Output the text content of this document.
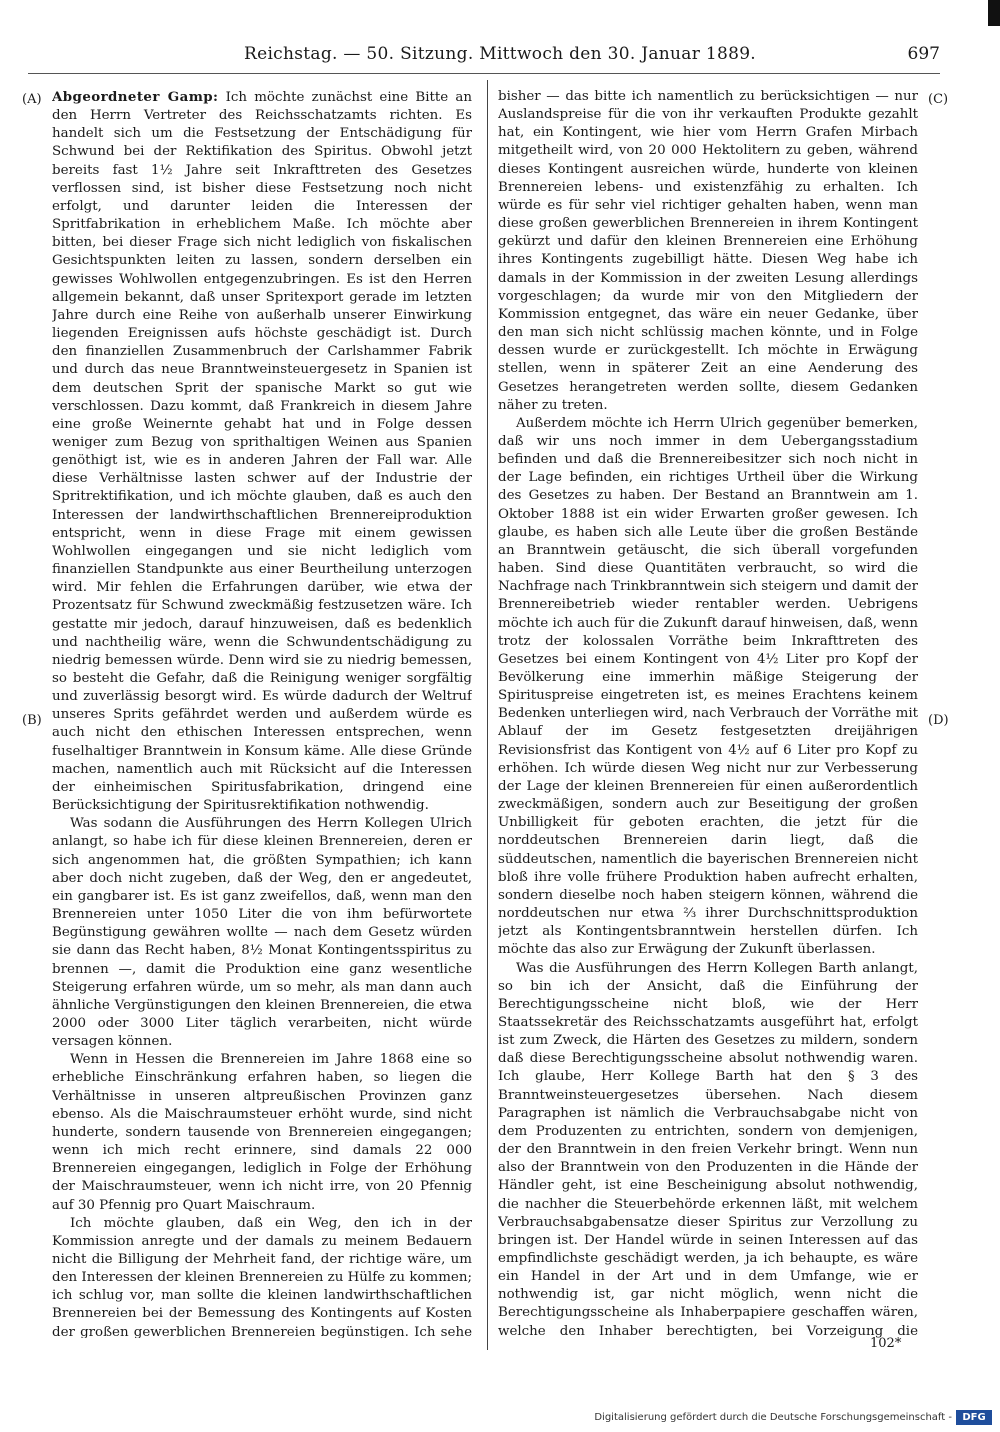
Reichstag. — 50. Sitzung. Mittwoch den 30. Januar 1889.	697
(A)
(B)
(C)
(D)

Abgeordneter Gamp: Ich möchte zunächst eine Bitte an den Herrn Vertreter des Reichsschatzamts richten. Es handelt sich um die Festsetzung der Entschädigung für Schwund bei der Rektifikation des Spiritus. Obwohl jetzt bereits fast 1½ Jahre seit Inkrafttreten des Gesetzes verflossen sind, ist bisher diese Festsetzung noch nicht erfolgt, und darunter leiden die Interessen der Spritfabrikation in erheblichem Maße. Ich möchte aber bitten, bei dieser Frage sich nicht lediglich von fiskalischen Gesichtspunkten leiten zu lassen, sondern derselben ein gewisses Wohlwollen entgegenzubringen. Es ist den Herren allgemein bekannt, daß unser Spritexport gerade im letzten Jahre durch eine Reihe von außerhalb unserer Einwirkung liegenden Ereignissen aufs höchste geschädigt ist. Durch den finanziellen Zusammenbruch der Carlshammer Fabrik und durch das neue Branntweinsteuergesetz in Spanien ist dem deutschen Sprit der spanische Markt so gut wie verschlossen. Dazu kommt, daß Frankreich in diesem Jahre eine große Weinernte gehabt hat und in Folge dessen weniger zum Bezug von sprithaltigen Weinen aus Spanien genöthigt ist, wie es in anderen Jahren der Fall war. Alle diese Verhältnisse lasten schwer auf der Industrie der Spritrektifikation, und ich möchte glauben, daß es auch den Interessen der landwirthschaftlichen Brennereiproduktion entspricht, wenn in diese Frage mit einem gewissen Wohlwollen eingegangen und sie nicht lediglich vom finanziellen Standpunkte aus einer Beurtheilung unterzogen wird. Mir fehlen die Erfahrungen darüber, wie etwa der Prozentsatz für Schwund zweckmäßig festzusetzen wäre. Ich gestatte mir jedoch, darauf hinzuweisen, daß es bedenklich und nachtheilig wäre, wenn die Schwundentschädigung zu niedrig bemessen würde. Denn wird sie zu niedrig bemessen, so besteht die Gefahr, daß die Reinigung weniger sorgfältig und zuverlässig besorgt wird. Es würde dadurch der Weltruf unseres Sprits gefährdet werden und außerdem würde es auch nicht den ethischen Interessen entsprechen, wenn fuselhaltiger Branntwein in Konsum käme. Alle diese Gründe machen, namentlich auch mit Rücksicht auf die Interessen der einheimischen Spiritusfabrikation, dringend eine Berücksichtigung der Spiritusrektifikation nothwendig.

Was sodann die Ausführungen des Herrn Kollegen Ulrich anlangt, so habe ich für diese kleinen Brennereien, deren er sich angenommen hat, die größten Sympathien; ich kann aber doch nicht zugeben, daß der Weg, den er angedeutet, ein gangbarer ist. Es ist ganz zweifellos, daß, wenn man den Brennereien unter 1050 Liter die von ihm befürwortete Begünstigung gewähren wollte — nach dem Gesetz würden sie dann das Recht haben, 8½ Monat Kontingentsspiritus zu brennen —, damit die Produktion eine ganz wesentliche Steigerung erfahren würde, um so mehr, als man dann auch ähnliche Vergünstigungen den kleinen Brennereien, die etwa 2000 oder 3000 Liter täglich verarbeiten, nicht würde versagen können.

Wenn in Hessen die Brennereien im Jahre 1868 eine so erhebliche Einschränkung erfahren haben, so liegen die Verhältnisse in unseren altpreußischen Provinzen ganz ebenso. Als die Maischraumsteuer erhöht wurde, sind nicht hunderte, sondern tausende von Brennereien eingegangen; wenn ich mich recht erinnere, sind damals 22 000 Brennereien eingegangen, lediglich in Folge der Erhöhung der Maischraumsteuer, wenn ich nicht irre, von 20 Pfennig auf 30 Pfennig pro Quart Maischraum.

Ich möchte glauben, daß ein Weg, den ich in der Kommission anregte und der damals zu meinem Bedauern nicht die Billigung der Mehrheit fand, der richtige wäre, um den Interessen der kleinen Brennereien zu Hülfe zu kommen; ich schlug vor, man sollte die kleinen landwirthschaftlichen Brennereien bei der Bemessung des Kontingents auf Kosten der großen gewerblichen Brennereien begünstigen. Ich sehe

bisher — das bitte ich namentlich zu berücksichtigen — nur Auslandspreise für die von ihr verkauften Produkte gezahlt hat, ein Kontingent, wie hier vom Herrn Grafen Mirbach mitgetheilt wird, von 20 000 Hektolitern zu geben, während dieses Kontingent ausreichen würde, hunderte von kleinen Brennereien lebens- und existenzfähig zu erhalten. Ich würde es für sehr viel richtiger gehalten haben, wenn man diese großen gewerblichen Brennereien in ihrem Kontingent gekürzt und dafür den kleinen Brennereien eine Erhöhung ihres Kontingents zugebilligt hätte. Diesen Weg habe ich damals in der Kommission in der zweiten Lesung allerdings vorgeschlagen; da wurde mir von den Mitgliedern der Kommission entgegnet, das wäre ein neuer Gedanke, über den man sich nicht schlüssig machen könnte, und in Folge dessen wurde er zurückgestellt. Ich möchte in Erwägung stellen, wenn in späterer Zeit an eine Aenderung des Gesetzes herangetreten werden sollte, diesem Gedanken näher zu treten.

Außerdem möchte ich Herrn Ulrich gegenüber bemerken, daß wir uns noch immer in dem Uebergangsstadium befinden und daß die Brennereibesitzer sich noch nicht in der Lage befinden, ein richtiges Urtheil über die Wirkung des Gesetzes zu haben. Der Bestand an Branntwein am 1. Oktober 1888 ist ein wider Erwarten großer gewesen. Ich glaube, es haben sich alle Leute über die großen Bestände an Branntwein getäuscht, die sich überall vorgefunden haben. Sind diese Quantitäten verbraucht, so wird die Nachfrage nach Trinkbranntwein sich steigern und damit der Brennereibetrieb wieder rentabler werden. Uebrigens möchte ich auch für die Zukunft darauf hinweisen, daß, wenn trotz der kolossalen Vorräthe beim Inkrafttreten des Gesetzes bei einem Kontingent von 4½ Liter pro Kopf der Bevölkerung eine immerhin mäßige Steigerung der Spirituspreise eingetreten ist, es meines Erachtens keinem Bedenken unterliegen wird, nach Verbrauch der Vorräthe mit Ablauf der im Gesetz festgesetzten dreijährigen Revisionsfrist das Kontigent von 4½ auf 6 Liter pro Kopf zu erhöhen. Ich würde diesen Weg nicht nur zur Verbesserung der Lage der kleinen Brennereien für einen außerordentlich zweckmäßigen, sondern auch zur Beseitigung der großen Unbilligkeit für geboten erachten, die jetzt für die norddeutschen Brennereien darin liegt, daß die süddeutschen, namentlich die bayerischen Brennereien nicht bloß ihre volle frühere Produktion haben aufrecht erhalten, sondern dieselbe noch haben steigern können, während die norddeutschen nur etwa ⅔ ihrer Durchschnittsproduktion jetzt als Kontingentsbranntwein herstellen dürfen. Ich möchte das also zur Erwägung der Zukunft überlassen.

Was die Ausführungen des Herrn Kollegen Barth anlangt, so bin ich der Ansicht, daß die Einführung der Berechtigungsscheine nicht bloß, wie der Herr Staatssekretär des Reichsschatzamts ausgeführt hat, erfolgt ist zum Zweck, die Härten des Gesetzes zu mildern, sondern daß diese Berechtigungsscheine absolut nothwendig waren. Ich glaube, Herr Kollege Barth hat den § 3 des Branntweinsteuergesetzes übersehen. Nach diesem Paragraphen ist nämlich die Verbrauchsabgabe nicht von dem Produzenten zu entrichten, sondern von demjenigen, der den Branntwein in den freien Verkehr bringt. Wenn nun also der Branntwein von den Produzenten in die Hände der Händler geht, ist eine Bescheinigung absolut nothwendig, die nachher die Steuerbehörde erkennen läßt, mit welchem Verbrauchsabgabensatze dieser Spiritus zur Verzollung zu bringen ist. Der Handel würde in seinen Interessen auf das empfindlichste geschädigt werden, ja ich behaupte, es wäre ein Handel in der Art und in dem Umfange, wie er nothwendig ist, gar nicht möglich, wenn nicht die Berechtigungsscheine als Inhaberpapiere geschaffen wären, welche den Inhaber berechtigten, bei Vorzeigung die

102*
Digitalisierung gefördert durch die Deutsche Forschungsgemeinschaft -	DFG
